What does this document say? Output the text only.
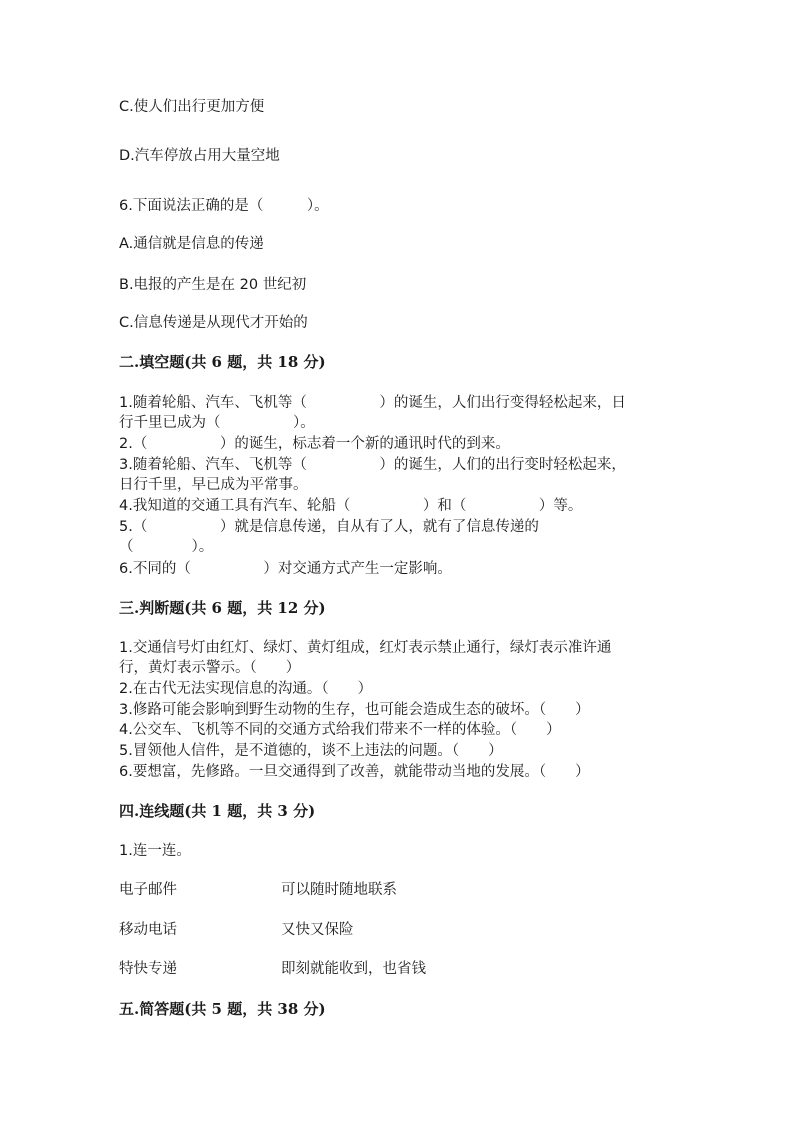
C.使人们出行更加方便
D.汽车停放占用大量空地
6.下面说法正确的是（　　　）。
A.通信就是信息的传递
B.电报的产生是在 20 世纪初
C.信息传递是从现代才开始的
二.填空题(共 6 题，共 18 分)
1.随着轮船、汽车、飞机等（　　　　　）的诞生，人们出行变得轻松起来，日
行千里已成为（　　　　　）。
2.（　　　　　）的诞生，标志着一个新的通讯时代的到来。
3.随着轮船、汽车、飞机等（　　　　　）的诞生，人们的出行变时轻松起来，
日行千里，早已成为平常事。
4.我知道的交通工具有汽车、轮船（　　　　　）和（　　　　　）等。
5.（　　　　　）就是信息传递，自从有了人，就有了信息传递的
（　　　　）。
6.不同的（　　　　　）对交通方式产生一定影响。
三.判断题(共 6 题，共 12 分)
1.交通信号灯由红灯、绿灯、黄灯组成，红灯表示禁止通行，绿灯表示准许通
行，黄灯表示警示。（　　）
2.在古代无法实现信息的沟通。（　　）
3.修路可能会影响到野生动物的生存，也可能会造成生态的破坏。（　　）
4.公交车、飞机等不同的交通方式给我们带来不一样的体验。（　　）
5.冒领他人信件，是不道德的，谈不上违法的问题。（　　）
6.要想富，先修路。一旦交通得到了改善，就能带动当地的发展。（　　）
四.连线题(共 1 题，共 3 分)
1.连一连。
电子邮件	可以随时随地联系
移动电话	又快又保险
特快专递	即刻就能收到，也省钱
五.简答题(共 5 题，共 38 分)
